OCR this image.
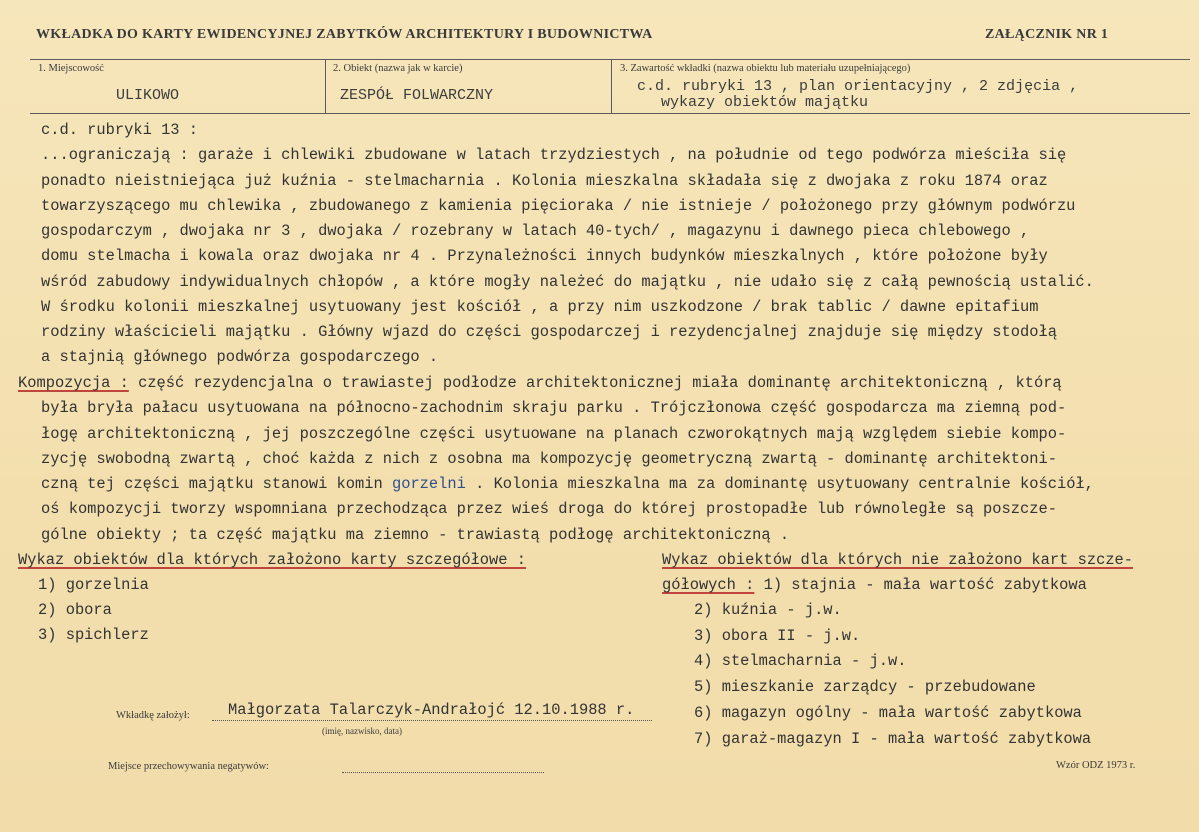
WKŁADKA DO KARTY EWIDENCYJNEJ ZABYTKÓW ARCHITEKTURY I BUDOWNICTWA	ZAŁĄCZNIK NR 1
1. Miejscowość
ULIKOWO
2. Obiekt (nazwa jak w karcie)
ZESPÓŁ FOLWARCZNY
3. Zawartość wkładki (nazwa obiektu lub materiału uzupełniającego)
c.d. rubryki 13 , plan orientacyjny , 2 zdjęcia ,
wykazy obiektów majątku
c.d. rubryki 13 :
...ograniczają : garaże i chlewiki zbudowane w latach trzydziestych , na południe od tego podwórza mieściła się
ponadto nieistniejąca już kuźnia - stelmacharnia . Kolonia mieszkalna składała się z dwojaka z roku 1874 oraz
towarzyszącego mu chlewika , zbudowanego z kamienia pięcioraka / nie istnieje / położonego przy głównym podwórzu
gospodarczym , dwojaka nr 3 , dwojaka / rozebrany w latach 40-tych/ , magazynu i dawnego pieca chlebowego ,
domu stelmacha i kowala oraz dwojaka nr 4 . Przynależności innych budynków mieszkalnych , które położone były
wśród zabudowy indywidualnych chłopów , a które mogły należeć do majątku , nie udało się z całą pewnością ustalić.
W środku kolonii mieszkalnej usytuowany jest kościół , a przy nim uszkodzone / brak tablic / dawne epitafium
rodziny właścicieli majątku . Główny wjazd do części gospodarczej i rezydencjalnej znajduje się między stodołą
a stajnią głównego podwórza gospodarczego .
Kompozycja : część rezydencjalna o trawiastej podłodze architektonicznej miała dominantę architektoniczną , którą
była bryła pałacu usytuowana na północno-zachodnim skraju parku . Trójczłonowa część gospodarcza ma ziemną pod-
łogę architektoniczną , jej poszczególne części usytuowane na planach czworokątnych mają względem siebie kompo-
zycję swobodną zwartą , choć każda z nich z osobna ma kompozycję geometryczną zwartą - dominantę architektoni-
czną tej części majątku stanowi komin gorzelni . Kolonia mieszkalna ma za dominantę usytuowany centralnie kościół,
oś kompozycji tworzy wspomniana przechodząca przez wieś droga do której prostopadłe lub równoległe są poszcze-
gólne obiekty ; ta część majątku ma ziemno - trawiastą podłogę architektoniczną .
Wykaz obiektów dla których założono karty szczegółowe :
1) gorzelnia
2) obora
3) spichlerz
Wykaz obiektów dla których nie założono kart szcze-
gółowych : 1) stajnia - mała wartość zabytkowa
2) kuźnia - j.w.
3) obora II - j.w.
4) stelmacharnia - j.w.
5) mieszkanie zarządcy - przebudowane
6) magazyn ogólny - mała wartość zabytkowa
7) garaż-magazyn I - mała wartość zabytkowa
Wkładkę założył: Małgorzata Talarczyk-Andrałojć 12.10.1988 r.
(imię, nazwisko, data)
Miejsce przechowywania negatywów:	Wzór ODZ 1973 r.
